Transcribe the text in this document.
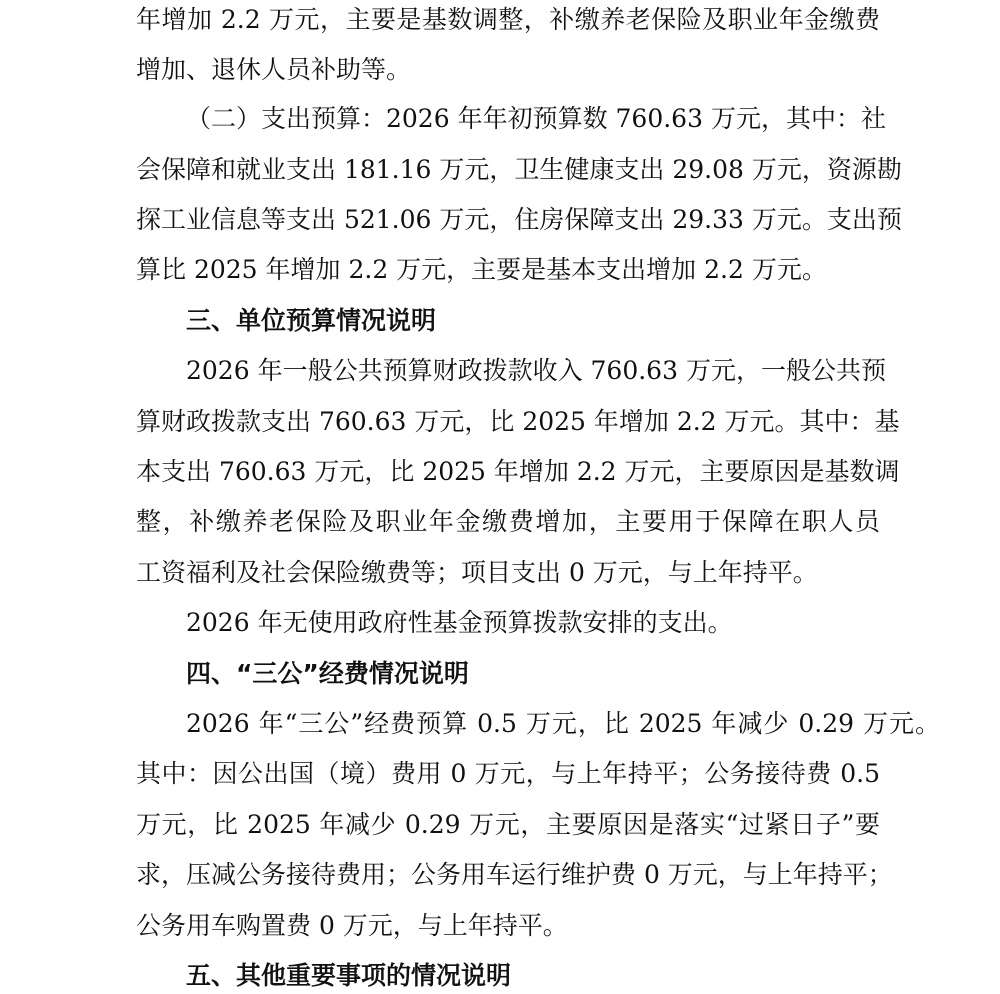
年增加 2.2 万元，主要是基数调整，补缴养老保险及职业年金缴费
增加、退休人员补助等。
（二）支出预算：2026 年年初预算数 760.63 万元，其中：社
会保障和就业支出 181.16 万元，卫生健康支出 29.08 万元，资源勘
探工业信息等支出 521.06 万元，住房保障支出 29.33 万元。支出预
算比 2025 年增加 2.2 万元，主要是基本支出增加 2.2 万元。
三、单位预算情况说明
2026 年一般公共预算财政拨款收入 760.63 万元，一般公共预
算财政拨款支出 760.63 万元，比 2025 年增加 2.2 万元。其中：基
本支出 760.63 万元，比 2025 年增加 2.2 万元，主要原因是基数调
整，补缴养老保险及职业年金缴费增加，主要用于保障在职人员
工资福利及社会保险缴费等；项目支出 0 万元，与上年持平。
2026 年无使用政府性基金预算拨款安排的支出。
四、“三公”经费情况说明
2026 年“三公”经费预算 0.5 万元，比 2025 年减少 0.29 万元。
其中：因公出国（境）费用 0 万元，与上年持平；公务接待费 0.5
万元，比 2025 年减少 0.29 万元，主要原因是落实“过紧日子”要
求，压减公务接待费用；公务用车运行维护费 0 万元，与上年持平；
公务用车购置费 0 万元，与上年持平。
五、其他重要事项的情况说明
